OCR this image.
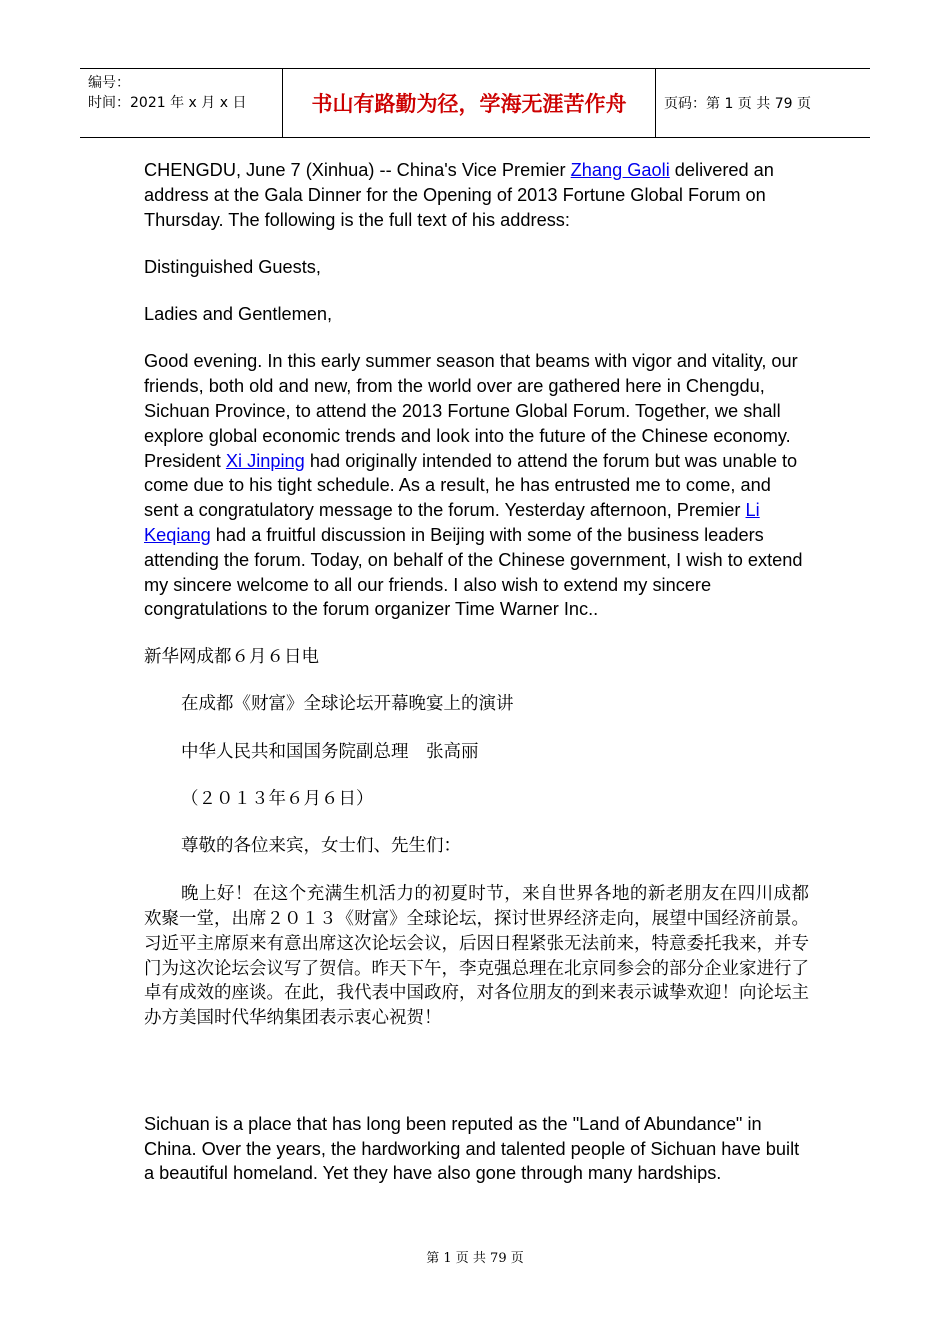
编号：
时间：2021 年 x 月 x 日	书山有路勤为径，学海无涯苦作舟	页码：第 1 页 共 79 页

CHENGDU, June 7 (Xinhua) -- China's Vice Premier Zhang Gaoli delivered an address at the Gala Dinner for the Opening of 2013 Fortune Global Forum on Thursday. The following is the full text of his address:

Distinguished Guests,

Ladies and Gentlemen,

Good evening. In this early summer season that beams with vigor and vitality, our friends, both old and new, from the world over are gathered here in Chengdu, Sichuan Province, to attend the 2013 Fortune Global Forum. Together, we shall explore global economic trends and look into the future of the Chinese economy. President Xi Jinping had originally intended to attend the forum but was unable to come due to his tight schedule. As a result, he has entrusted me to come, and sent a congratulatory message to the forum. Yesterday afternoon, Premier Li Keqiang had a fruitful discussion in Beijing with some of the business leaders attending the forum. Today, on behalf of the Chinese government, I wish to extend my sincere welcome to all our friends. I also wish to extend my sincere congratulations to the forum organizer Time Warner Inc..

新华网成都６月６日电

在成都《财富》全球论坛开幕晚宴上的演讲

中华人民共和国国务院副总理　张高丽

（２０１３年６月６日）

尊敬的各位来宾，女士们、先生们：

晚上好！在这个充满生机活力的初夏时节，来自世界各地的新老朋友在四川成都欢聚一堂，出席２０１３《财富》全球论坛，探讨世界经济走向，展望中国经济前景。习近平主席原来有意出席这次论坛会议，后因日程紧张无法前来，特意委托我来，并专门为这次论坛会议写了贺信。昨天下午，李克强总理在北京同参会的部分企业家进行了卓有成效的座谈。在此，我代表中国政府，对各位朋友的到来表示诚挚欢迎！向论坛主办方美国时代华纳集团表示衷心祝贺！

Sichuan is a place that has long been reputed as the "Land of Abundance" in China. Over the years, the hardworking and talented people of Sichuan have built a beautiful homeland. Yet they have also gone through many hardships.

第 1 页 共 79 页
